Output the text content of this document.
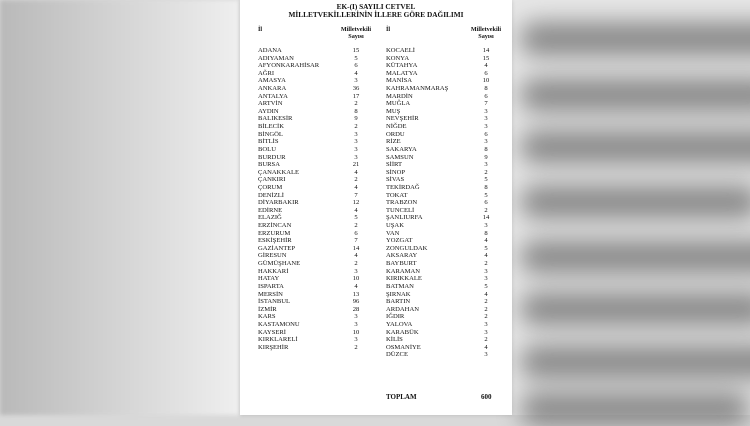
EK-(I) SAYILI CETVEL
MİLLETVEKİLLERİNİN İLLERE GÖRE DAĞILIMI
İl	Milletvekili
Sayısı
İl	Milletvekili
Sayısı
ADANA	15
ADIYAMAN	5
AFYONKARAHİSAR	6
AĞRI	4
AMASYA	3
ANKARA	36
ANTALYA	17
ARTVİN	2
AYDIN	8
BALIKESİR	9
BİLECİK	2
BİNGÖL	3
BİTLİS	3
BOLU	3
BURDUR	3
BURSA	21
ÇANAKKALE	4
ÇANKIRI	2
ÇORUM	4
DENİZLİ	7
DİYARBAKIR	12
EDİRNE	4
ELAZIĞ	5
ERZİNCAN	2
ERZURUM	6
ESKİŞEHİR	7
GAZİANTEP	14
GİRESUN	4
GÜMÜŞHANE	2
HAKKARİ	3
HATAY	10
ISPARTA	4
MERSİN	13
İSTANBUL	96
İZMİR	28
KARS	3
KASTAMONU	3
KAYSERİ	10
KIRKLARELİ	3
KIRŞEHİR	2
KOCAELİ	14
KONYA	15
KÜTAHYA	4
MALATYA	6
MANİSA	10
KAHRAMANMARAŞ	8
MARDİN	6
MUĞLA	7
MUŞ	3
NEVŞEHİR	3
NİĞDE	3
ORDU	6
RİZE	3
SAKARYA	8
SAMSUN	9
SİİRT	3
SİNOP	2
SİVAS	5
TEKİRDAĞ	8
TOKAT	5
TRABZON	6
TUNCELİ	2
ŞANLIURFA	14
UŞAK	3
VAN	8
YOZGAT	4
ZONGULDAK	5
AKSARAY	4
BAYBURT	2
KARAMAN	3
KIRIKKALE	3
BATMAN	5
ŞIRNAK	4
BARTIN	2
ARDAHAN	2
IĞDIR	2
YALOVA	3
KARABÜK	3
KİLİS	2
OSMANİYE	4
DÜZCE	3
TOPLAM	600
